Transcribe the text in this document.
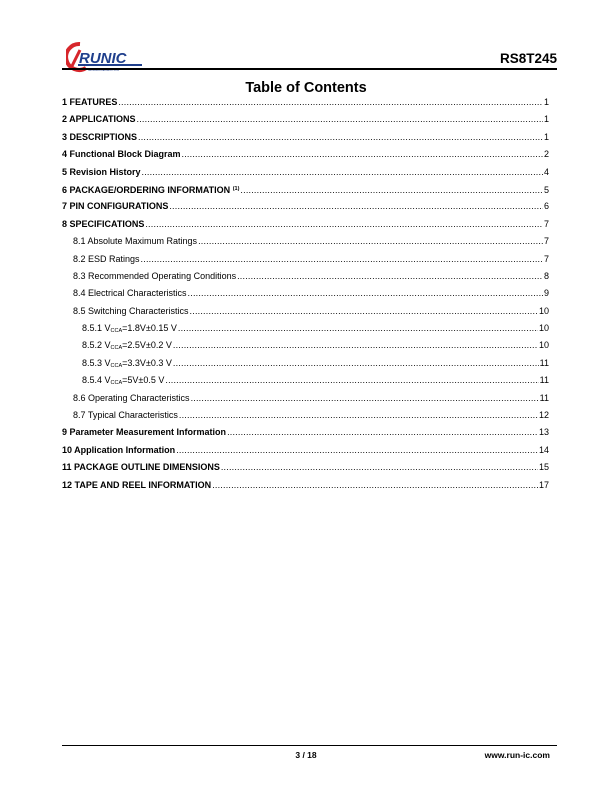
RUNIC
SEMICONDUCTOR
RS8T245
Table of Contents
1 FEATURES .....	1
2 APPLICATIONS .....	1
3 DESCRIPTIONS .....	1
4 Functional Block Diagram .....	2
5 Revision History .....	4
6 PACKAGE/ORDERING INFORMATION $^{(1)}$ .....	5
7 PIN CONFIGURATIONS .....	6
8 SPECIFICATIONS .....	7
8.1 Absolute Maximum Ratings .....	7
8.2 ESD Ratings .....	7
8.3 Recommended Operating Conditions .....	8
8.4 Electrical Characteristics .....	9
8.5 Switching Characteristics .....	10
8.5.1 $V_{CCA}=1.8V\pm 0.15$ V .....	10
8.5.2 $V_{CCA}=2.5V\pm 0.2$ V .....	10
8.5.3 $V_{CCA}=3.3V\pm 0.3$ V .....	11
8.5.4 $V_{CCA}=5V\pm 0.5$ V .....	11
8.6 Operating Characteristics .....	11
8.7 Typical Characteristics .....	12
9 Parameter Measurement Information .....	13
10 Application Information .....	14
11 PACKAGE OUTLINE DIMENSIONS .....	15
12 TAPE AND REEL INFORMATION .....	17
3 / 18	www.run-ic.com
